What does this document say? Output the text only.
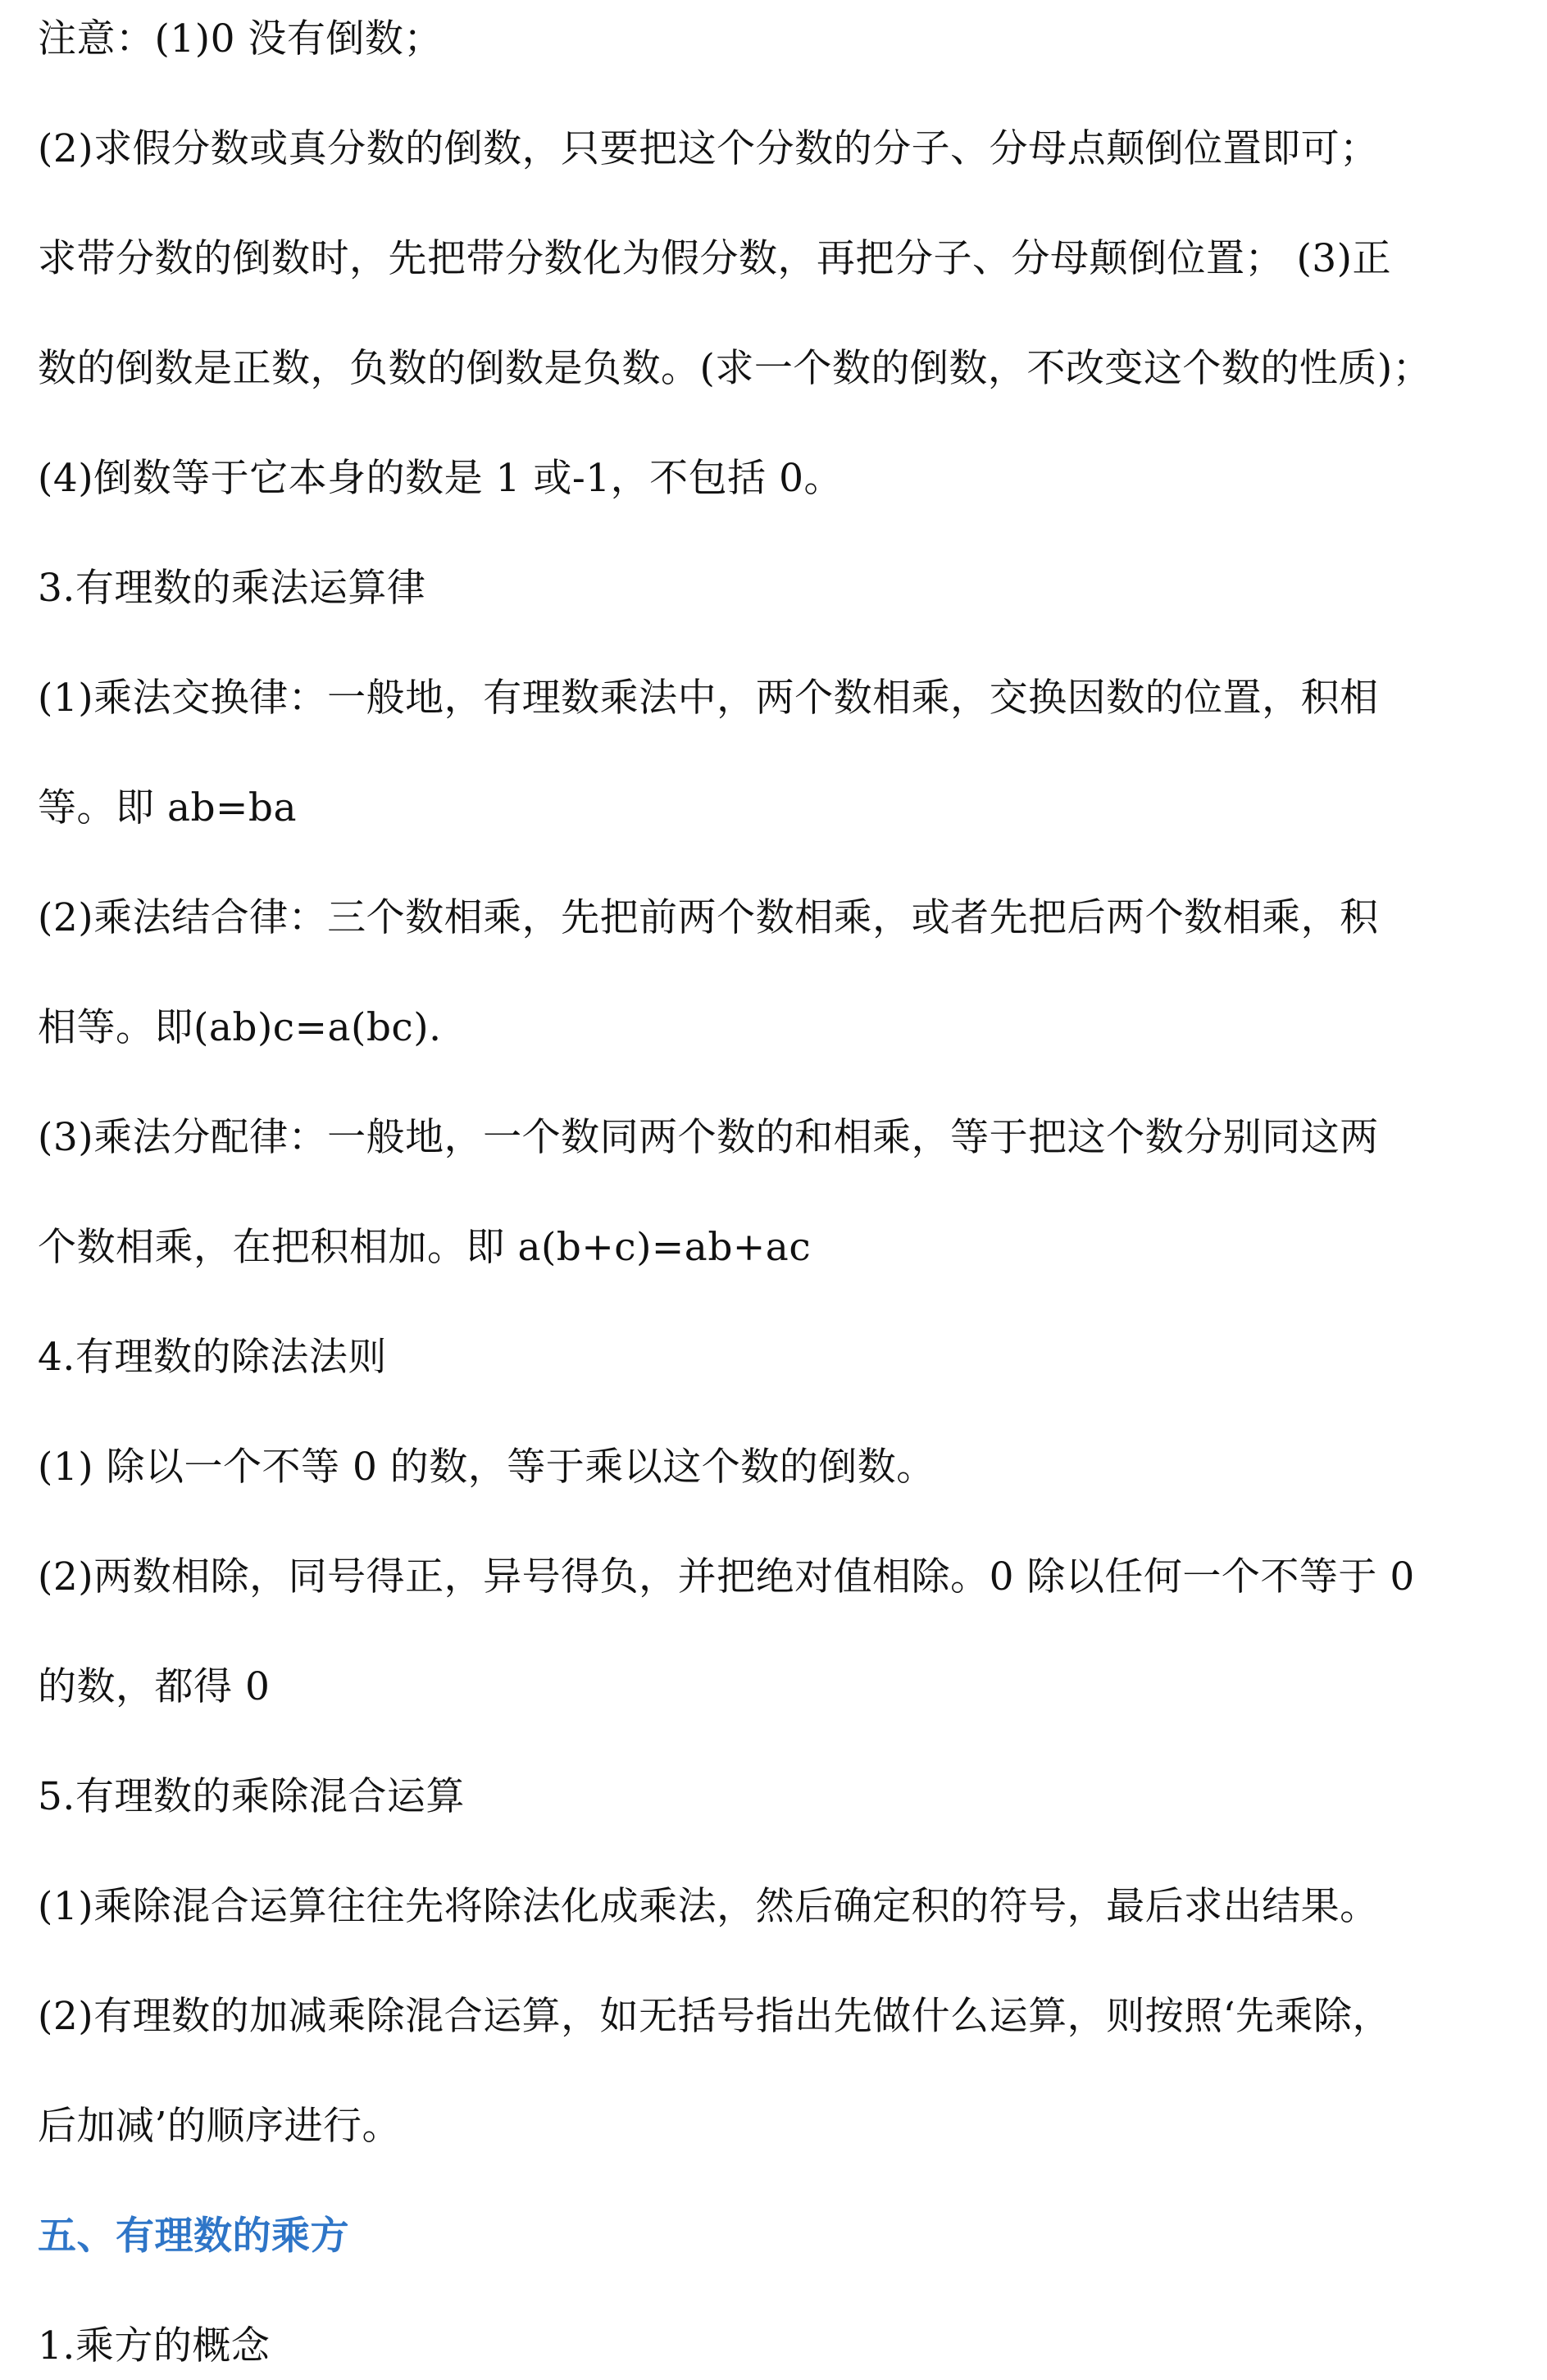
注意：(1)0 没有倒数；
(2)求假分数或真分数的倒数，只要把这个分数的分子、分母点颠倒位置即可；
求带分数的倒数时，先把带分数化为假分数，再把分子、分母颠倒位置； (3)正
数的倒数是正数，负数的倒数是负数。(求一个数的倒数，不改变这个数的性质)；
(4)倒数等于它本身的数是 1 或-1，不包括 0。
3.有理数的乘法运算律
(1)乘法交换律：一般地，有理数乘法中，两个数相乘，交换因数的位置，积相
等。即 ab=ba
(2)乘法结合律：三个数相乘，先把前两个数相乘，或者先把后两个数相乘，积
相等。即(ab)c=a(bc).
(3)乘法分配律：一般地，一个数同两个数的和相乘，等于把这个数分别同这两
个数相乘，在把积相加。即 a(b+c)=ab+ac
4.有理数的除法法则
(1) 除以一个不等 0 的数，等于乘以这个数的倒数。
(2)两数相除，同号得正，异号得负，并把绝对值相除。0 除以任何一个不等于 0
的数，都得 0
5.有理数的乘除混合运算
(1)乘除混合运算往往先将除法化成乘法，然后确定积的符号，最后求出结果。
(2)有理数的加减乘除混合运算，如无括号指出先做什么运算，则按照‘先乘除，
后加减’的顺序进行。
五、有理数的乘方
1.乘方的概念
